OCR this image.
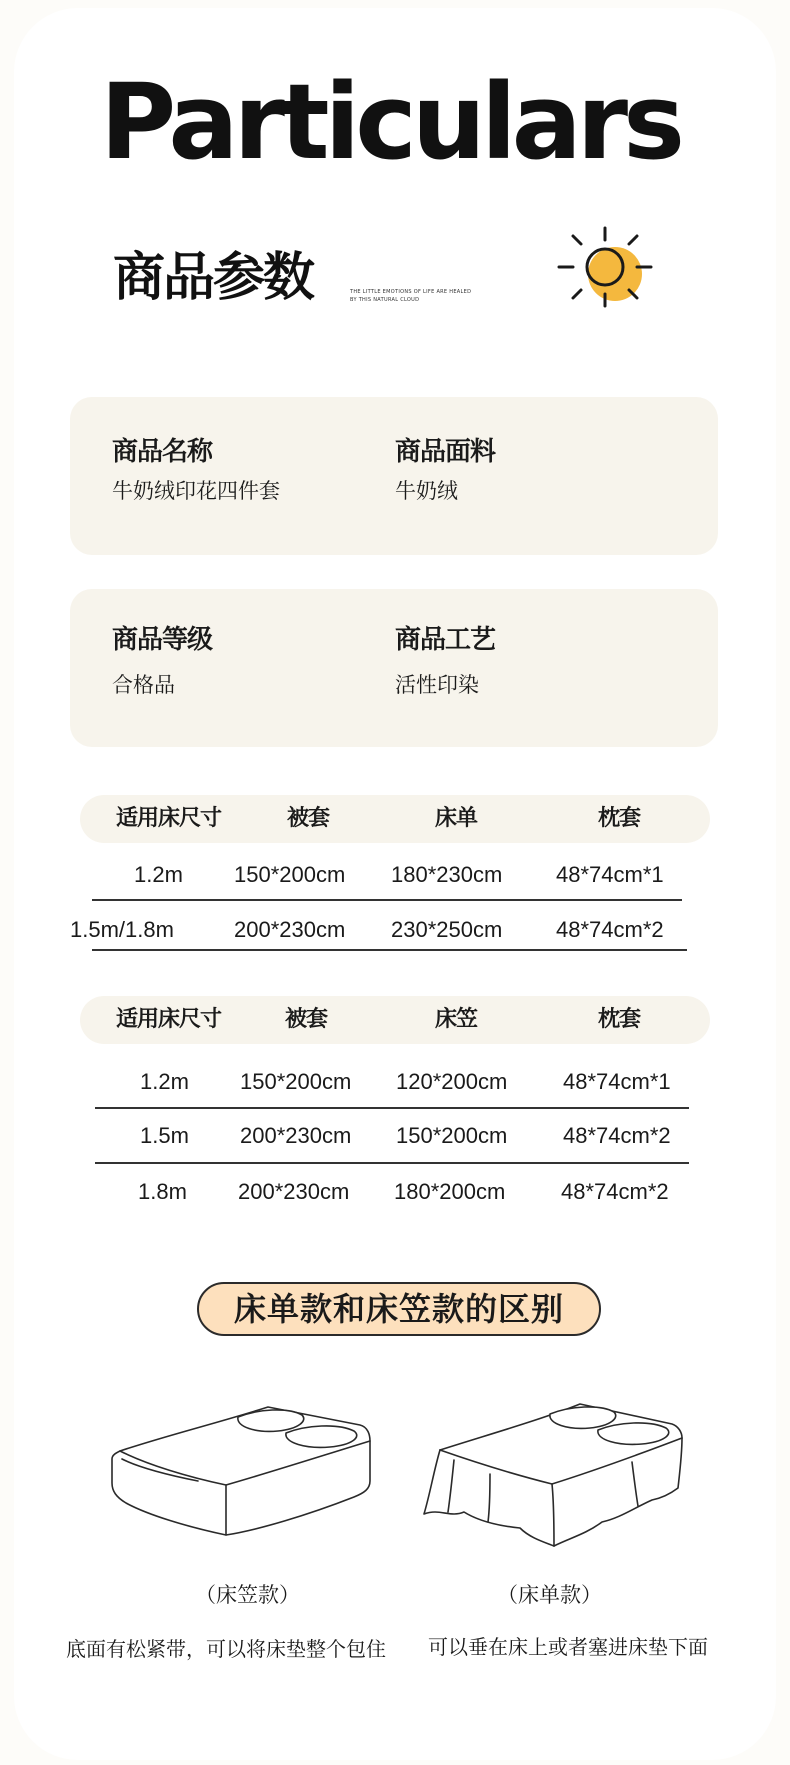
Particulars
商品参数	THE LITTLE EMOTIONS OF LIFE ARE HEALED
BY THIS NATURAL CLOUD
商品名称
牛奶绒印花四件套
商品面料
牛奶绒
商品等级	商品工艺
合格品	活性印染
适用床尺寸	被套	床单	枕套
1.2m 150*200cm 180*230cm 48*74cm*1
1.5m/1.8m	200*230cm 230*250cm 48*74cm*2
适用床尺寸	被套	床笠	枕套
1.2m 150*200cm 120*200cm	48*74cm*1
1.5m 200*230cm 150*200cm	48*74cm*2
1.8m 200*230cm 180*200cm	48*74cm*2
床单款和床笠款的区别
（床笠款）	（床单款）
底面有松紧带，可以将床垫整个包住 可以垂在床上或者塞进床垫下面
